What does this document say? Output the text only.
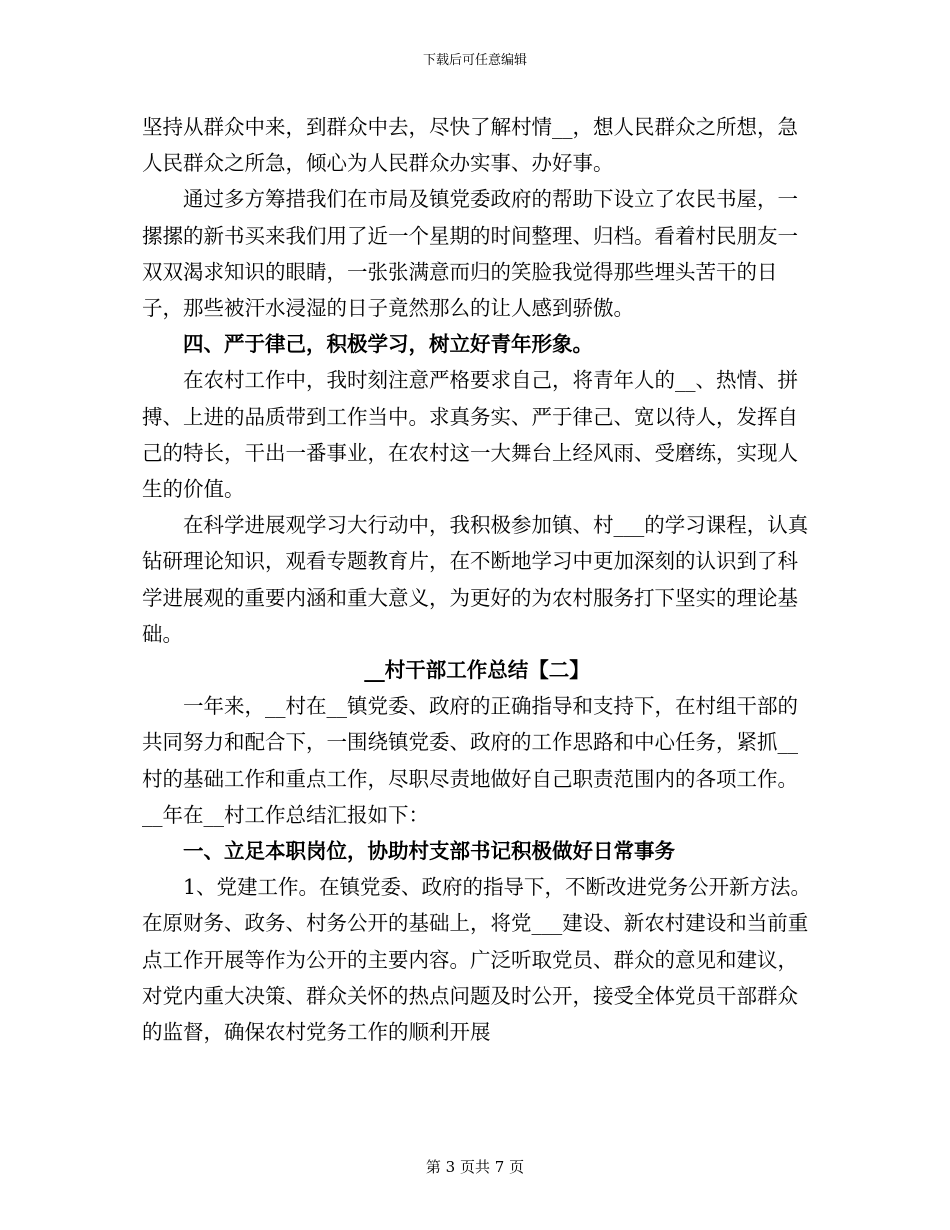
下载后可任意编辑

坚持从群众中来，到群众中去，尽快了解村情__，想人民群众之所想，急人民群众之所急，倾心为人民群众办实事、办好事。

通过多方筹措我们在市局及镇党委政府的帮助下设立了农民书屋，一摞摞的新书买来我们用了近一个星期的时间整理、归档。看着村民朋友一双双渴求知识的眼睛，一张张满意而归的笑脸我觉得那些埋头苦干的日子，那些被汗水浸湿的日子竟然那么的让人感到骄傲。

四、严于律己，积极学习，树立好青年形象。

在农村工作中，我时刻注意严格要求自己，将青年人的__、热情、拼搏、上进的品质带到工作当中。求真务实、严于律己、宽以待人，发挥自己的特长，干出一番事业，在农村这一大舞台上经风雨、受磨练，实现人生的价值。

在科学进展观学习大行动中，我积极参加镇、村___的学习课程，认真钻研理论知识，观看专题教育片，在不断地学习中更加深刻的认识到了科学进展观的重要内涵和重大意义，为更好的为农村服务打下坚实的理论基础。

__村干部工作总结【二】

一年来，__村在__镇党委、政府的正确指导和支持下，在村组干部的共同努力和配合下，一围绕镇党委、政府的工作思路和中心任务，紧抓__村的基础工作和重点工作，尽职尽责地做好自己职责范围内的各项工作。__年在__村工作总结汇报如下：

一、立足本职岗位，协助村支部书记积极做好日常事务

1、党建工作。在镇党委、政府的指导下，不断改进党务公开新方法。在原财务、政务、村务公开的基础上，将党___建设、新农村建设和当前重点工作开展等作为公开的主要内容。广泛听取党员、群众的意见和建议，对党内重大决策、群众关怀的热点问题及时公开，接受全体党员干部群众的监督，确保农村党务工作的顺利开展

第 3 页共 7 页
